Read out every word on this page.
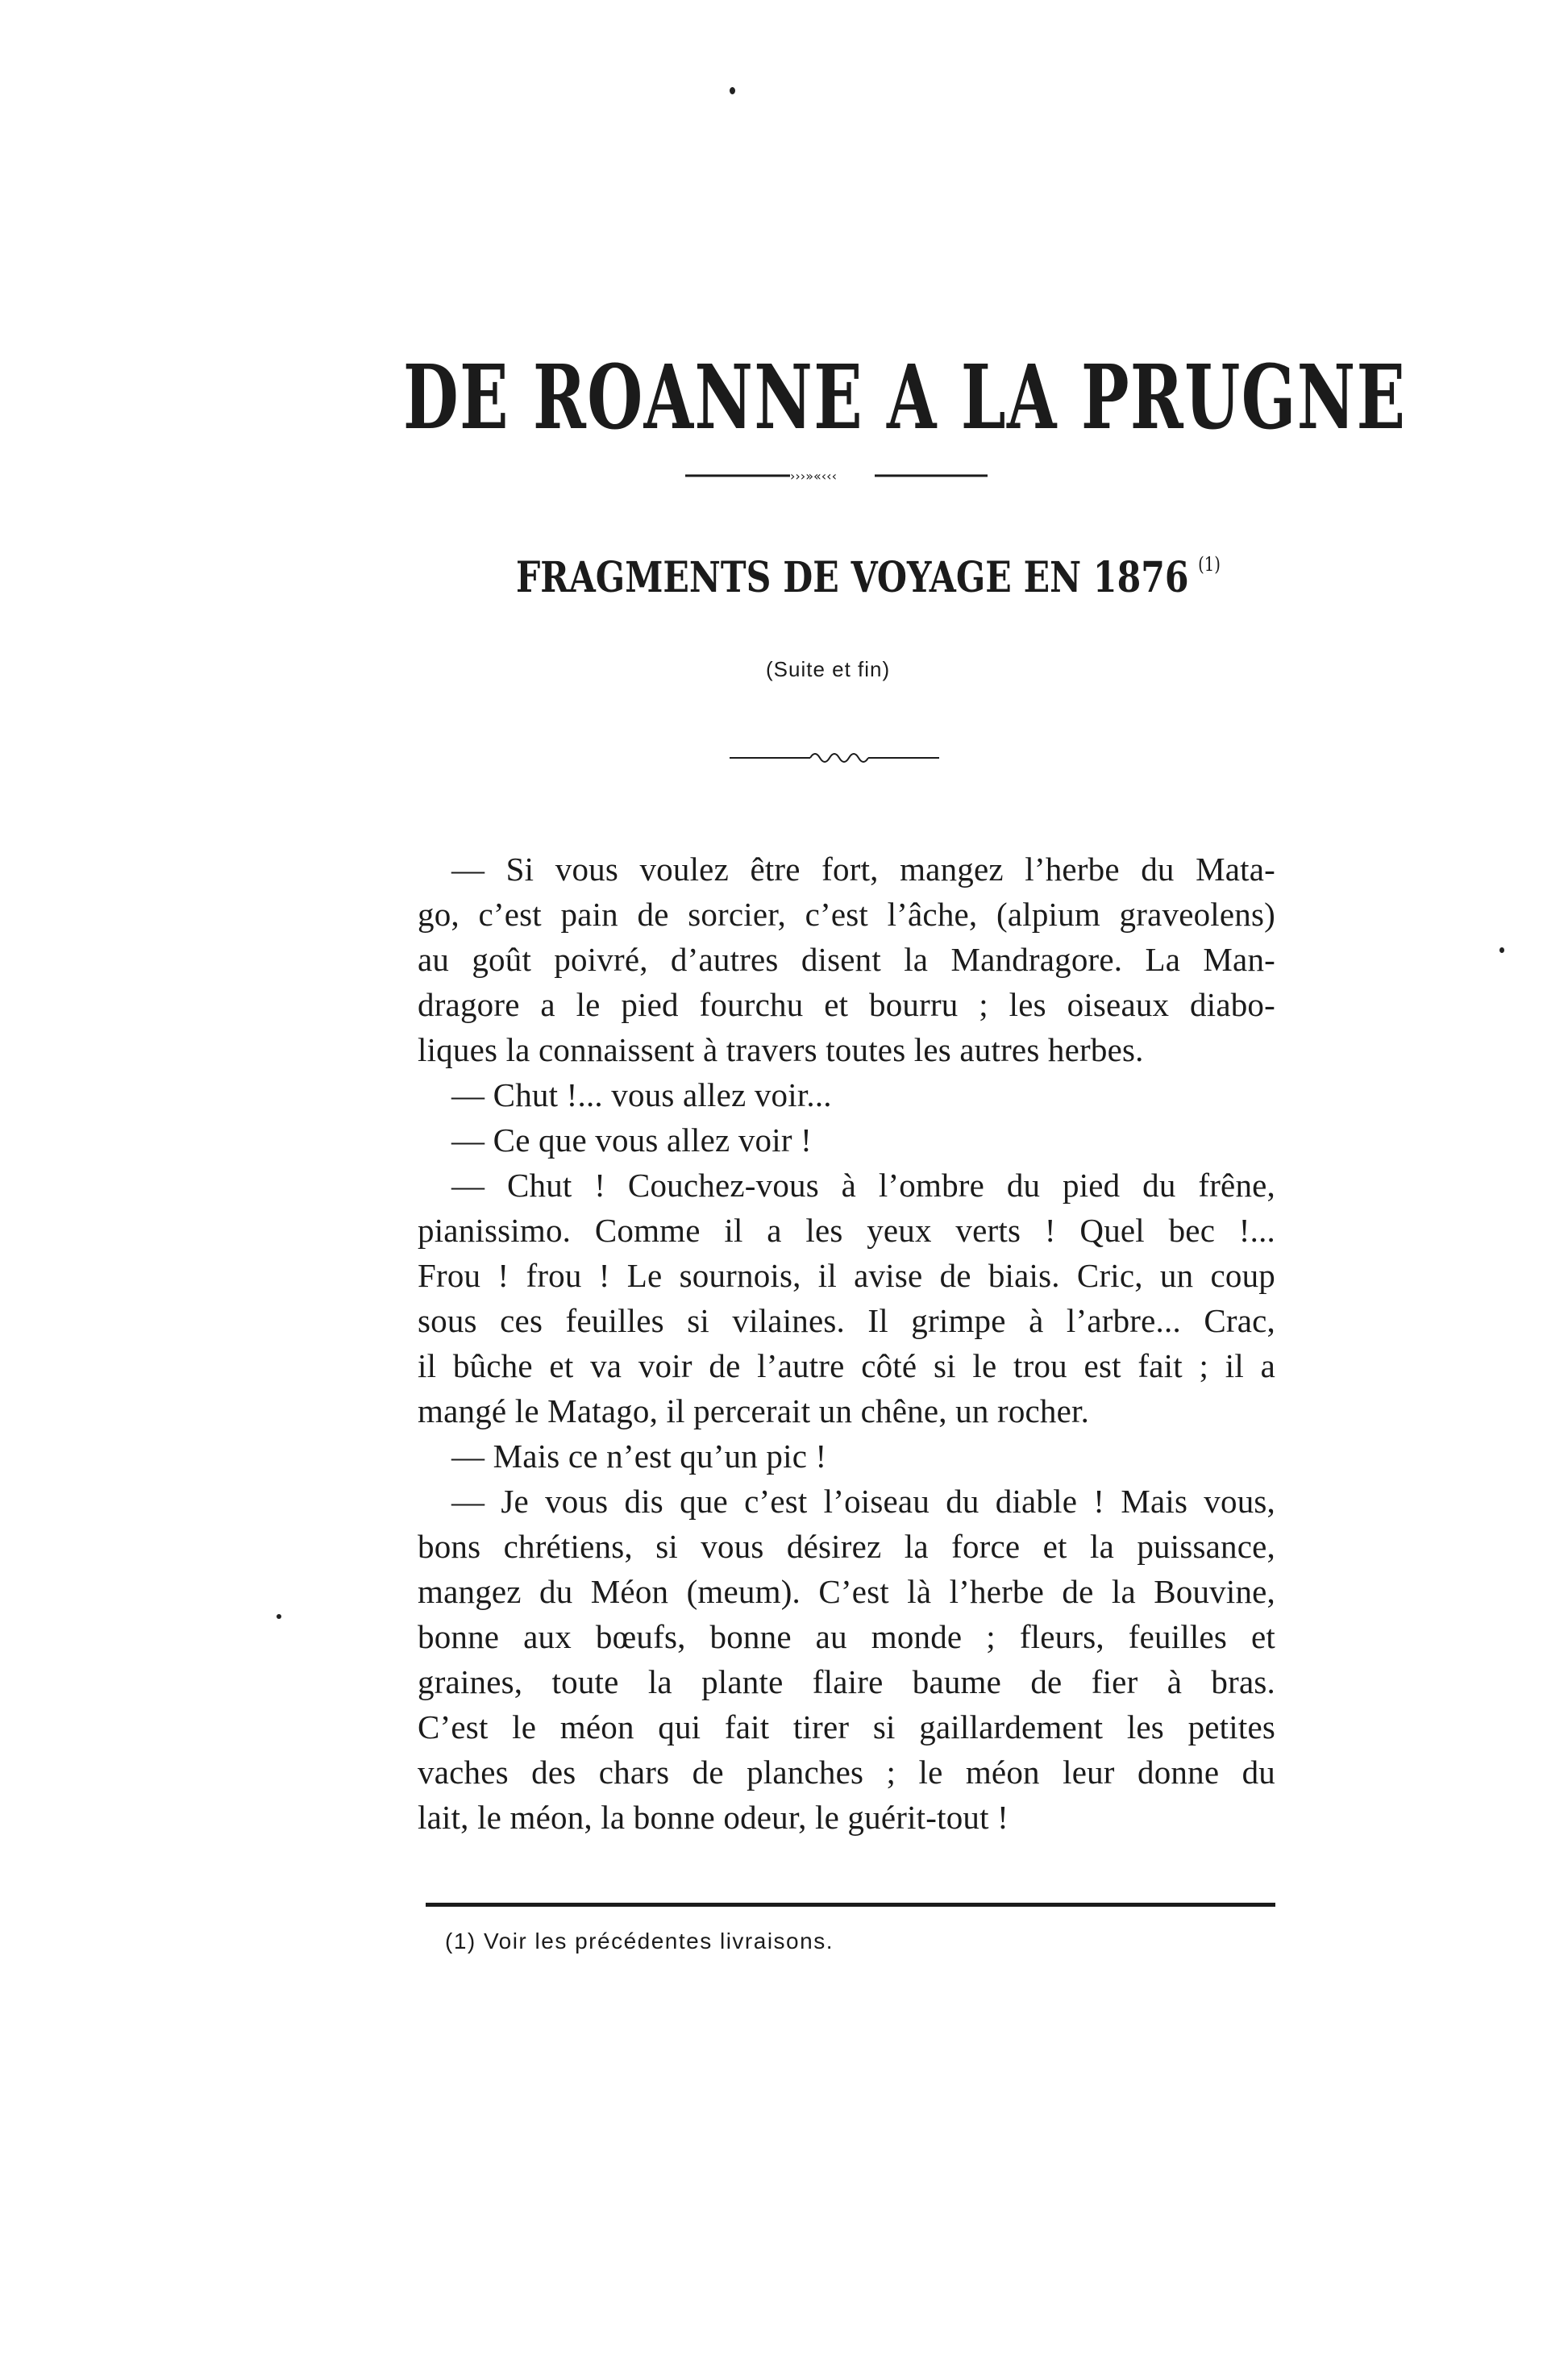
DE ROANNE A LA PRUGNE
›››»«‹‹‹
FRAGMENTS DE VOYAGE EN 1876 $^{(1)}$
(Suite et fin)
— Si vous voulez être fort, mangez l’herbe du Mata-
go, c’est pain de sorcier, c’est l’âche, (alpium graveolens)
au goût poivré, d’autres disent la Mandragore. La Man-
dragore a le pied fourchu et bourru ; les oiseaux diabo-
liques la connaissent à travers toutes les autres herbes.
— Chut !... vous allez voir...
— Ce que vous allez voir !
— Chut ! Couchez-vous à l’ombre du pied du frêne,
pianissimo. Comme il a les yeux verts ! Quel bec !...
Frou ! frou ! Le sournois, il avise de biais. Cric, un coup
sous ces feuilles si vilaines. Il grimpe à l’arbre... Crac,
il bûche et va voir de l’autre côté si le trou est fait ; il a
mangé le Matago, il percerait un chêne, un rocher.
— Mais ce n’est qu’un pic !
— Je vous dis que c’est l’oiseau du diable ! Mais vous,
bons chrétiens, si vous désirez la force et la puissance,
mangez du Méon (meum). C’est là l’herbe de la Bouvine,
bonne aux bœufs, bonne au monde ; fleurs, feuilles et
graines, toute la plante flaire baume de fier à bras.
C’est le méon qui fait tirer si gaillardement les petites
vaches des chars de planches ; le méon leur donne du
lait, le méon, la bonne odeur, le guérit-tout !
(1) Voir les précédentes livraisons.
